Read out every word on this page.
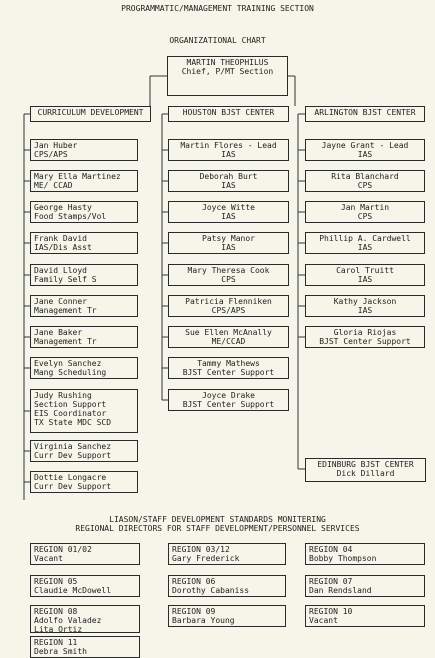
PROGRAMMATIC/MANAGEMENT TRAINING SECTION
ORGANIZATIONAL CHART
LIASON/STAFF DEVELOPMENT STANDARDS MONITERING
REGIONAL DIRECTORS FOR STAFF DEVELOPMENT/PERSONNEL SERVICES
MARTIN THEOPHILUS
Chief, P/MT Section
CURRICULUM DEVELOPMENT	HOUSTON BJST CENTER	ARLINGTON BJST CENTER
Jan Huber
CPS/APS
Mary Ella Martinez
ME/ CCAD
George Hasty
Food Stamps/Vol
Frank David
IAS/Dis Asst
David Lloyd
Family Self S
Jane Conner
Management Tr
Jane Baker
Management Tr
Evelyn Sanchez
Mang Scheduling
Judy Rushing
Section Support
EIS Coordinator
TX State MDC SCD
Virginia Sanchez
Curr Dev Support
Dottie Longacre
Curr Dev Support
Martin Flores - Lead
IAS
Deborah Burt
IAS
Joyce Witte
IAS
Patsy Manor
IAS
Mary Theresa Cook
CPS
Patricia Flenniken
CPS/APS
Sue Ellen McAnally
ME/CCAD
Tammy Mathews
BJST Center Support
Joyce Drake
BJST Center Support
Jayne Grant - Lead
IAS
Rita Blanchard
CPS
Jan Martin
CPS
Phillip A. Cardwell
IAS
Carol Truitt
IAS
Kathy Jackson
IAS
Gloria Riojas
BJST Center Support
EDINBURG BJST CENTER
Dick Dillard
REGION 01/02
Vacant
REGION 03/12
Gary Frederick
REGION 04
Bobby Thompson
REGION 05
Claudie McDowell
REGION 06
Dorothy Cabaniss
REGION 07
Dan Rendsland
REGION 08
Adolfo Valadez
Lita Ortiz
REGION 09
Barbara Young
REGION 10
Vacant
REGION 11
Debra Smith
